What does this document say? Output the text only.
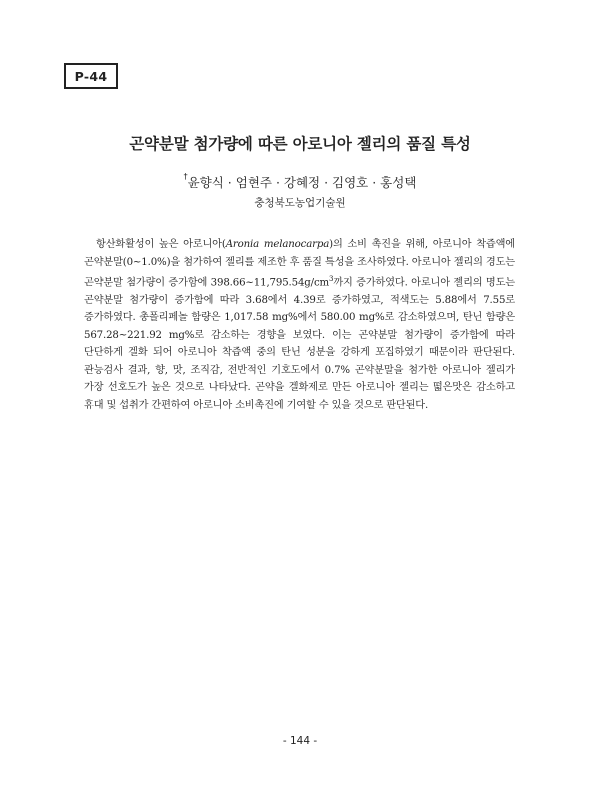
P-44
곤약분말 첨가량에 따른 아로니아 젤리의 품질 특성
†윤향식 · 엄현주 · 강혜정 · 김영호 · 홍성택
충청북도농업기술원

항산화활성이 높은 아로니아(Aronia melanocarpa)의 소비 촉진을 위해, 아로니아 착즙액에 곤약분말(0~1.0%)을 첨가하여 젤리를 제조한 후 품질 특성을 조사하였다. 아로니아 젤리의 경도는 곤약분말 첨가량이 증가함에 $398.66\sim 11,795.54g/cm^3$까지 증가하였다. 아로니아 젤리의 명도는 곤약분말 첨가량이 증가함에 따라 3.68에서 4.39로 증가하였고, 적색도는 5.88에서 7.55로 증가하였다. 총폴리페놀 함량은 1,017.58 mg%에서 580.00 mg%로 감소하였으며, 탄닌 함량은 567.28~221.92 mg%로 감소하는 경향을 보였다. 이는 곤약분말 첨가량이 증가함에 따라 단단하게 겔화 되어 아로니아 착즙액 중의 탄닌 성분을 강하게 포집하였기 때문이라 판단된다. 관능검사 결과, 향, 맛, 조직감, 전반적인 기호도에서 0.7% 곤약분말을 첨가한 아로니아 젤리가 가장 선호도가 높은 것으로 나타났다. 곤약을 겔화제로 만든 아로니아 젤리는 떫은맛은 감소하고 휴대 및 섭취가 간편하여 아로니아 소비촉진에 기여할 수 있을 것으로 판단된다.

- 144 -
